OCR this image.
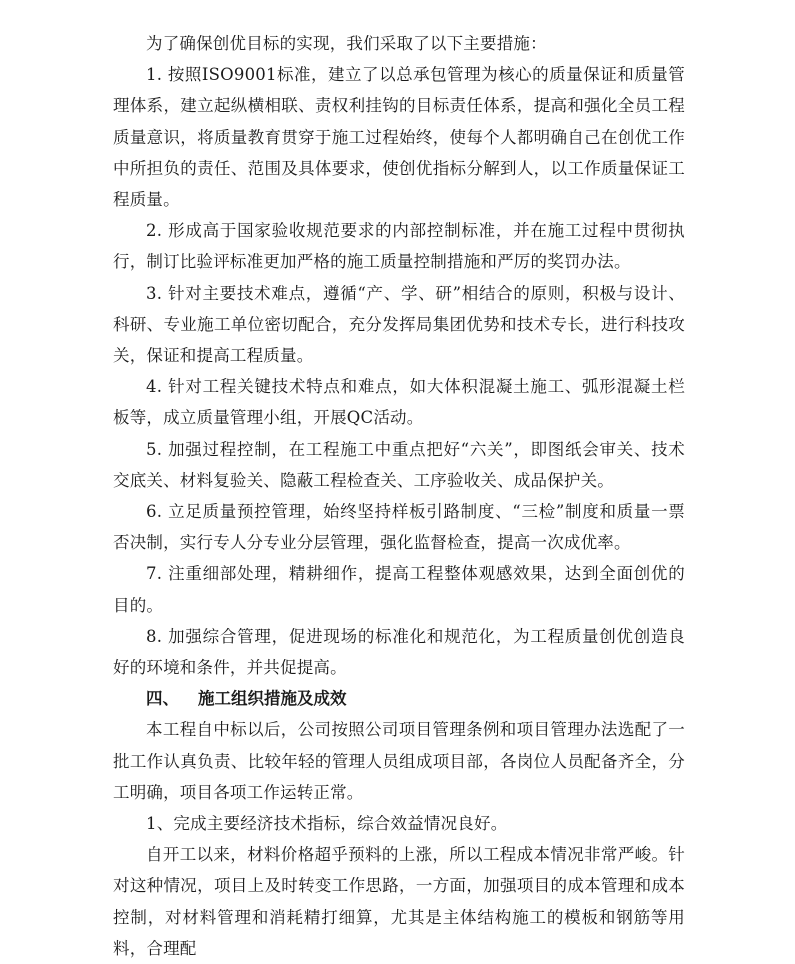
为了确保创优目标的实现，我们采取了以下主要措施：

1. 按照ISO9001标准，建立了以总承包管理为核心的质量保证和质量管理体系，建立起纵横相联、责权利挂钩的目标责任体系，提高和强化全员工程质量意识，将质量教育贯穿于施工过程始终，使每个人都明确自己在创优工作中所担负的责任、范围及具体要求，使创优指标分解到人，以工作质量保证工程质量。

2. 形成高于国家验收规范要求的内部控制标准，并在施工过程中贯彻执行，制订比验评标准更加严格的施工质量控制措施和严厉的奖罚办法。

3. 针对主要技术难点，遵循“产、学、研”相结合的原则，积极与设计、科研、专业施工单位密切配合，充分发挥局集团优势和技术专长，进行科技攻关，保证和提高工程质量。

4. 针对工程关键技术特点和难点，如大体积混凝土施工、弧形混凝土栏板等，成立质量管理小组，开展QC活动。

5. 加强过程控制，在工程施工中重点把好“六关”，即图纸会审关、技术交底关、材料复验关、隐蔽工程检查关、工序验收关、成品保护关。

6. 立足质量预控管理，始终坚持样板引路制度、“三检”制度和质量一票否决制，实行专人分专业分层管理，强化监督检查，提高一次成优率。

7. 注重细部处理，精耕细作，提高工程整体观感效果，达到全面创优的目的。

8. 加强综合管理，促进现场的标准化和规范化，为工程质量创优创造良好的环境和条件，并共促提高。

四、 施工组织措施及成效

本工程自中标以后，公司按照公司项目管理条例和项目管理办法选配了一批工作认真负责、比较年轻的管理人员组成项目部，各岗位人员配备齐全，分工明确，项目各项工作运转正常。

1、完成主要经济技术指标，综合效益情况良好。

自开工以来，材料价格超乎预料的上涨，所以工程成本情况非常严峻。针对这种情况，项目上及时转变工作思路，一方面，加强项目的成本管理和成本控制，对材料管理和消耗精打细算，尤其是主体结构施工的模板和钢筋等用料，合理配
